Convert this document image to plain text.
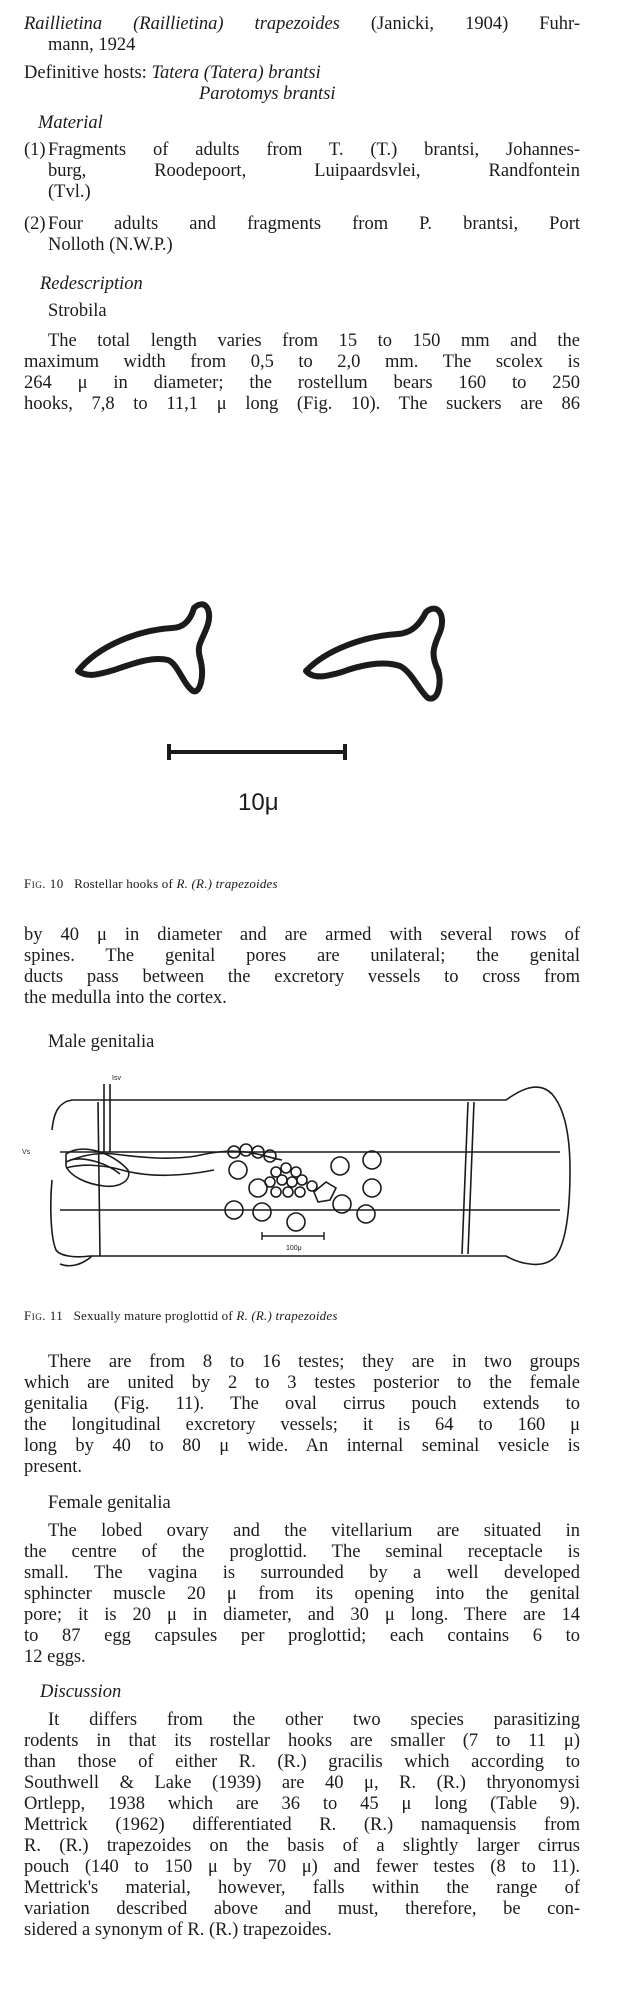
Raillietina (Raillietina) trapezoides (Janicki, 1904) Fuhr-
mann, 1924
Definitive hosts: Tatera (Tatera) brantsi
Parotomys brantsi
Material
(1) Fragments of adults from T. (T.) brantsi, Johannes-
burg, Roodepoort, Luipaardsvlei, Randfontein
(Tvl.)
(2) Four adults and fragments from P. brantsi, Port
Nolloth (N.W.P.)
Redescription
Strobila
The total length varies from 15 to 150 mm and the
maximum width from 0,5 to 2,0 mm. The scolex is
264 μ in diameter; the rostellum bears 160 to 250
hooks, 7,8 to 11,1 μ long (Fig. 10). The suckers are 86
10μ
Fig. 10 Rostellar hooks of R. (R.) trapezoides
by 40 μ in diameter and are armed with several rows of
spines. The genital pores are unilateral; the genital
ducts pass between the excretory vessels to cross from
the medulla into the cortex.
Male genitalia
Isv
Vs
100μ
Fig. 11 Sexually mature proglottid of R. (R.) trapezoides
There are from 8 to 16 testes; they are in two groups
which are united by 2 to 3 testes posterior to the female
genitalia (Fig. 11). The oval cirrus pouch extends to
the longitudinal excretory vessels; it is 64 to 160 μ
long by 40 to 80 μ wide. An internal seminal vesicle is
present.
Female genitalia
The lobed ovary and the vitellarium are situated in
the centre of the proglottid. The seminal receptacle is
small. The vagina is surrounded by a well developed
sphincter muscle 20 μ from its opening into the genital
pore; it is 20 μ in diameter, and 30 μ long. There are 14
to 87 egg capsules per proglottid; each contains 6 to
12 eggs.
Discussion
It differs from the other two species parasitizing
rodents in that its rostellar hooks are smaller (7 to 11 μ)
than those of either R. (R.) gracilis which according to
Southwell & Lake (1939) are 40 μ, R. (R.) thryonomysi
Ortlepp, 1938 which are 36 to 45 μ long (Table 9).
Mettrick (1962) differentiated R. (R.) namaquensis from
R. (R.) trapezoides on the basis of a slightly larger cirrus
pouch (140 to 150 μ by 70 μ) and fewer testes (8 to 11).
Mettrick's material, however, falls within the range of
variation described above and must, therefore, be con-
sidered a synonym of R. (R.) trapezoides.
